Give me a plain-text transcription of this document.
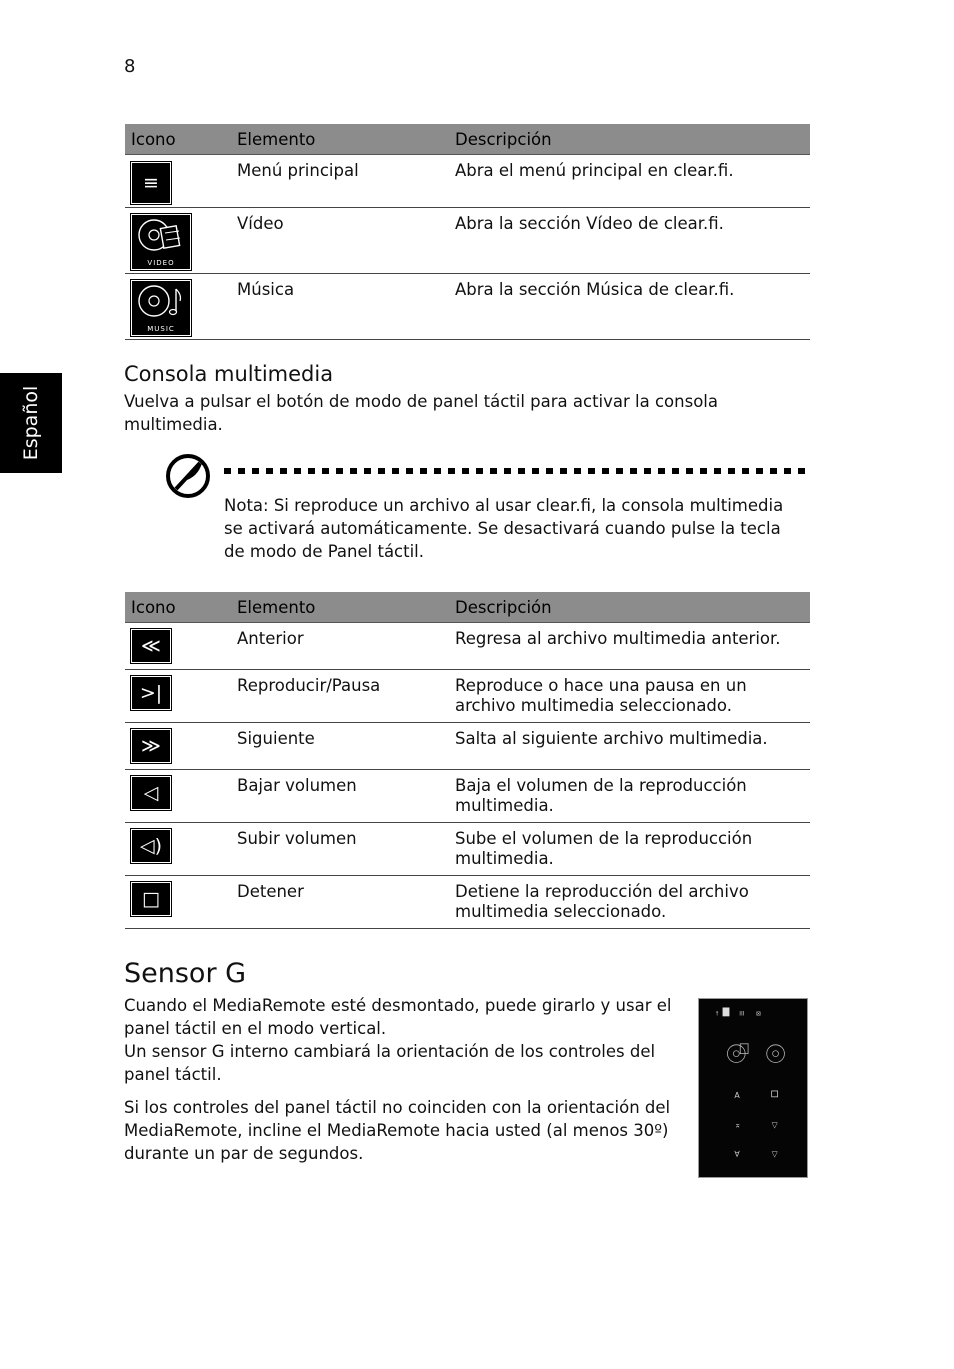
8
Español
Icono	Elemento	Descripción
≡	Menú principal	Abra el menú principal en clear.fi.

VIDEO	Vídeo	Abra la sección Vídeo de clear.fi.

MUSIC	Música	Abra la sección Música de clear.fi.
Consola multimedia
Vuelva a pulsar el botón de modo de panel táctil para activar la consola multimedia.
Nota: Si reproduce un archivo al usar clear.fi, la consola multimedia se activará automáticamente. Se desactivará cuando pulse la tecla de modo de Panel táctil.
Icono	Elemento	Descripción
≪	Anterior	Regresa al archivo multimedia anterior.
>|	Reproducir/Pausa	Reproduce o hace una pausa en un archivo multimedia seleccionado.
≫	Siguiente	Salta al siguiente archivo multimedia.
◁	Bajar volumen	Baja el volumen de la reproducción multimedia.
◁)	Subir volumen	Sube el volumen de la reproducción multimedia.
□	Detener	Detiene la reproducción del archivo multimedia seleccionado.
Sensor G
Cuando el MediaRemote esté desmontado, puede girarlo y usar el panel táctil en el modo vertical.
Un sensor G interno cambiará la orientación de los controles del panel táctil.
Si los controles del panel táctil no coinciden con la orientación del MediaRemote, incline el MediaRemote hacia usted (al menos 30º) durante un par de segundos.
↑	III ⊠
A
⌅	▽
∀	▽
